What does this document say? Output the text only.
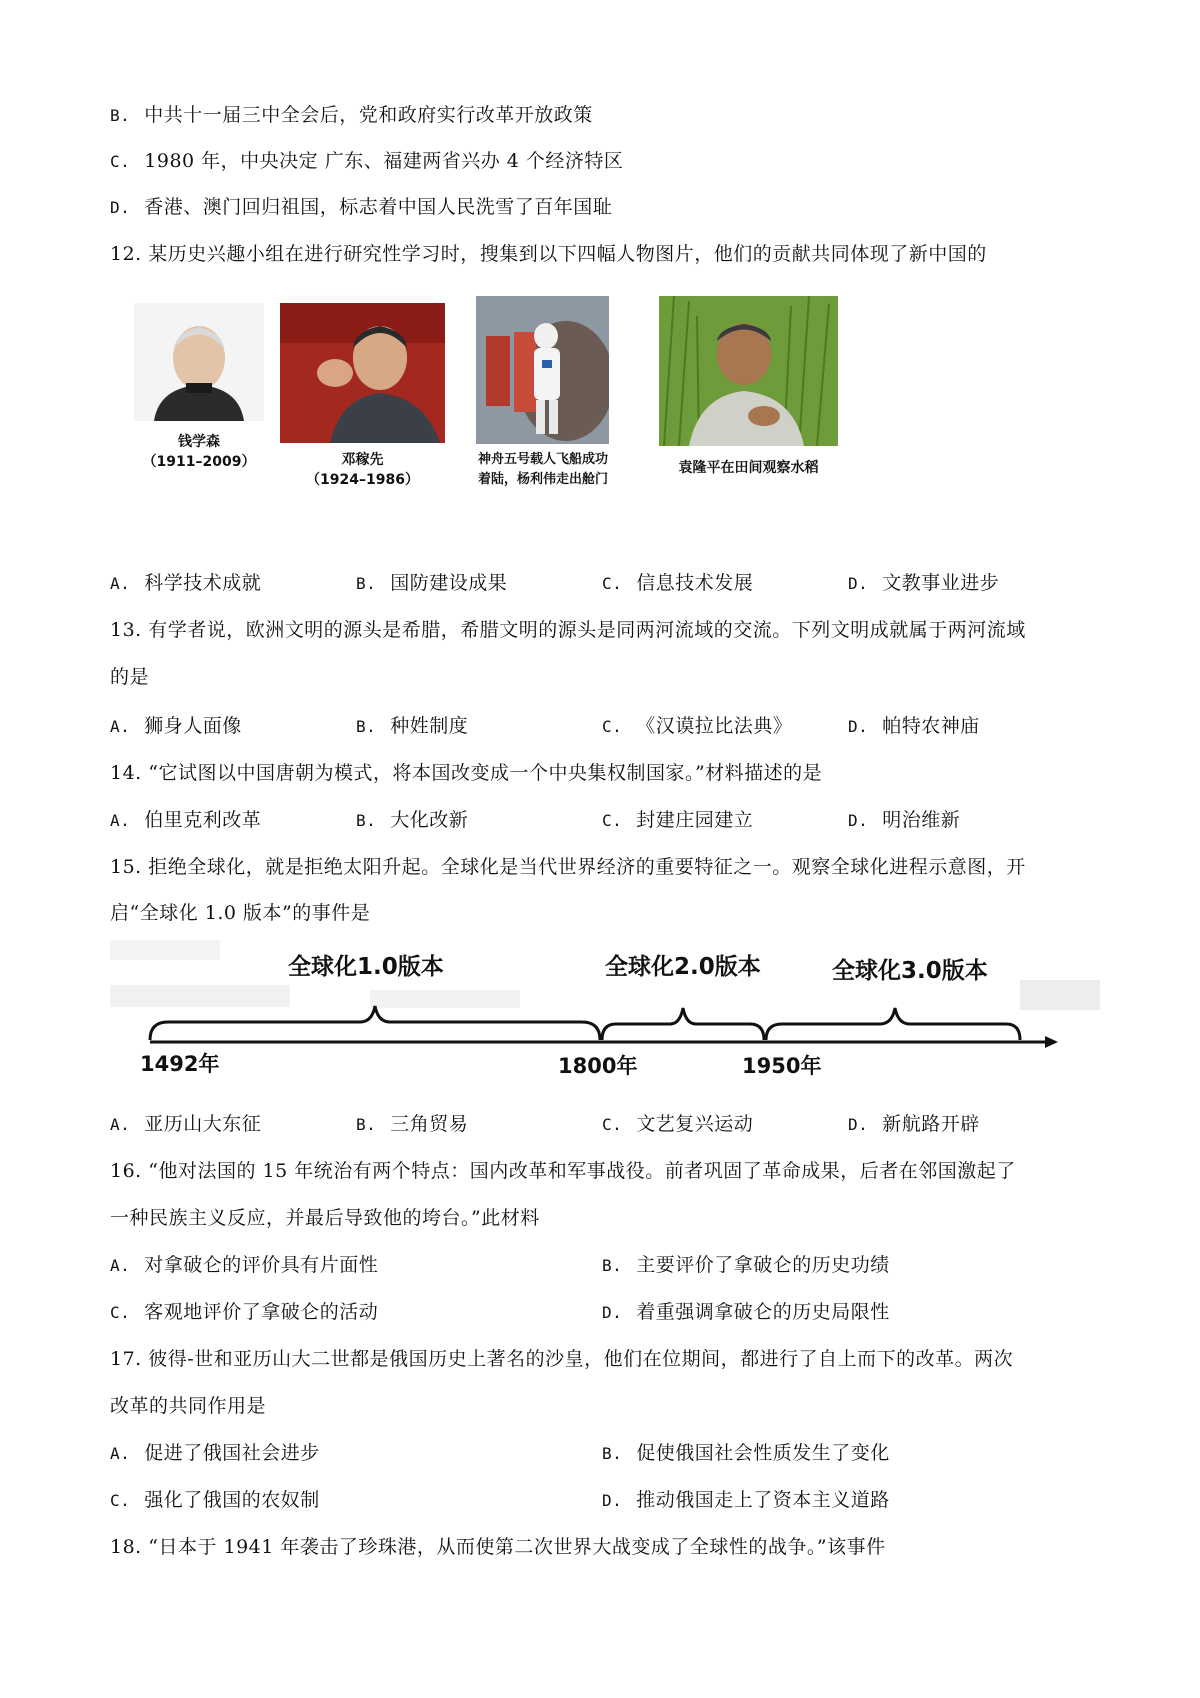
B. 中共十一届三中全会后，党和政府实行改革开放政策
C. 1980 年，中央决定 广东、福建两省兴办 4 个经济特区
D. 香港、澳门回归祖国，标志着中国人民洗雪了百年国耻
12. 某历史兴趣小组在进行研究性学习时，搜集到以下四幅人物图片，他们的贡献共同体现了新中国的
钱学森
（1911–2009）	邓稼先
（1924–1986）
神舟五号载人飞船成功
着陆，杨利伟走出舱门
袁隆平在田间观察水稻
A. 科学技术成就	B. 国防建设成果	C. 信息技术发展	D. 文教事业进步
13. 有学者说，欧洲文明的源头是希腊，希腊文明的源头是同两河流域的交流。下列文明成就属于两河流域
的是
A. 狮身人面像	B. 种姓制度	C. 《汉谟拉比法典》	D. 帕特农神庙
14. “它试图以中国唐朝为模式，将本国改变成一个中央集权制国家。”材料描述的是
A. 伯里克利改革	B. 大化改新	C. 封建庄园建立	D. 明治维新
15. 拒绝全球化，就是拒绝太阳升起。全球化是当代世界经济的重要特征之一。观察全球化进程示意图，开
启“全球化 1.0 版本”的事件是
全球化1.0版本	全球化2.0版本	全球化3.0版本
1492年	1800年	1950年
A. 亚历山大东征	B. 三角贸易	C. 文艺复兴运动	D. 新航路开辟
16. “他对法国的 15 年统治有两个特点：国内改革和军事战役。前者巩固了革命成果，后者在邻国激起了
一种民族主义反应，并最后导致他的垮台。”此材料
A. 对拿破仑的评价具有片面性	B. 主要评价了拿破仑的历史功绩
C. 客观地评价了拿破仑的活动	D. 着重强调拿破仑的历史局限性
17. 彼得-世和亚历山大二世都是俄国历史上著名的沙皇，他们在位期间，都进行了自上而下的改革。两次
改革的共同作用是
A. 促进了俄国社会进步	B. 促使俄国社会性质发生了变化
C. 强化了俄国的农奴制	D. 推动俄国走上了资本主义道路
18. “日本于 1941 年袭击了珍珠港，从而使第二次世界大战变成了全球性的战争。”该事件
